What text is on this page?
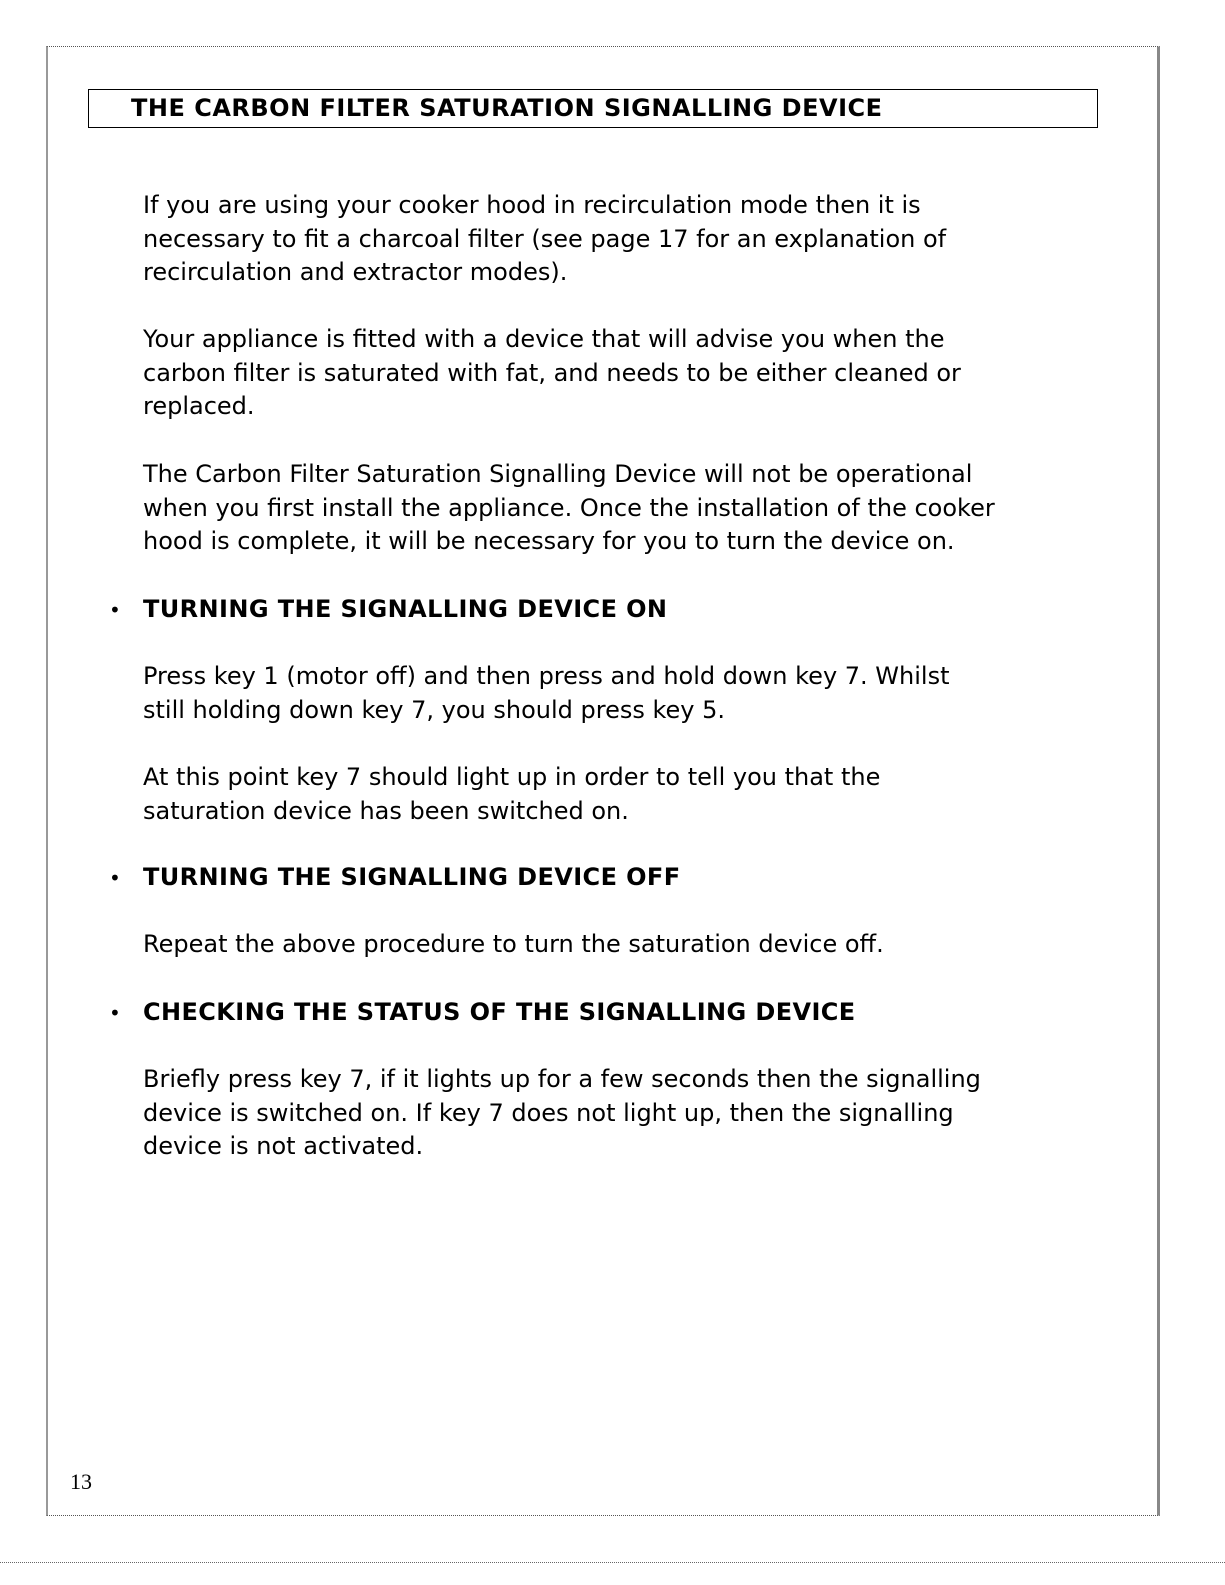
THE CARBON FILTER SATURATION SIGNALLING DEVICE

If you are using your cooker hood in recirculation mode then it is
necessary to fit a charcoal filter (see page 17 for an explanation of
recirculation and extractor modes).

Your appliance is fitted with a device that will advise you when the
carbon filter is saturated with fat, and needs to be either cleaned or
replaced.

The Carbon Filter Saturation Signalling Device will not be operational
when you first install the appliance. Once the installation of the cooker
hood is complete, it will be necessary for you to turn the device on.

• TURNING THE SIGNALLING DEVICE ON

Press key 1 (motor off) and then press and hold down key 7. Whilst
still holding down key 7, you should press key 5.

At this point key 7 should light up in order to tell you that the
saturation device has been switched on.

• TURNING THE SIGNALLING DEVICE OFF

Repeat the above procedure to turn the saturation device off.

• CHECKING THE STATUS OF THE SIGNALLING DEVICE

Briefly press key 7, if it lights up for a few seconds then the signalling
device is switched on. If key 7 does not light up, then the signalling
device is not activated.

13
